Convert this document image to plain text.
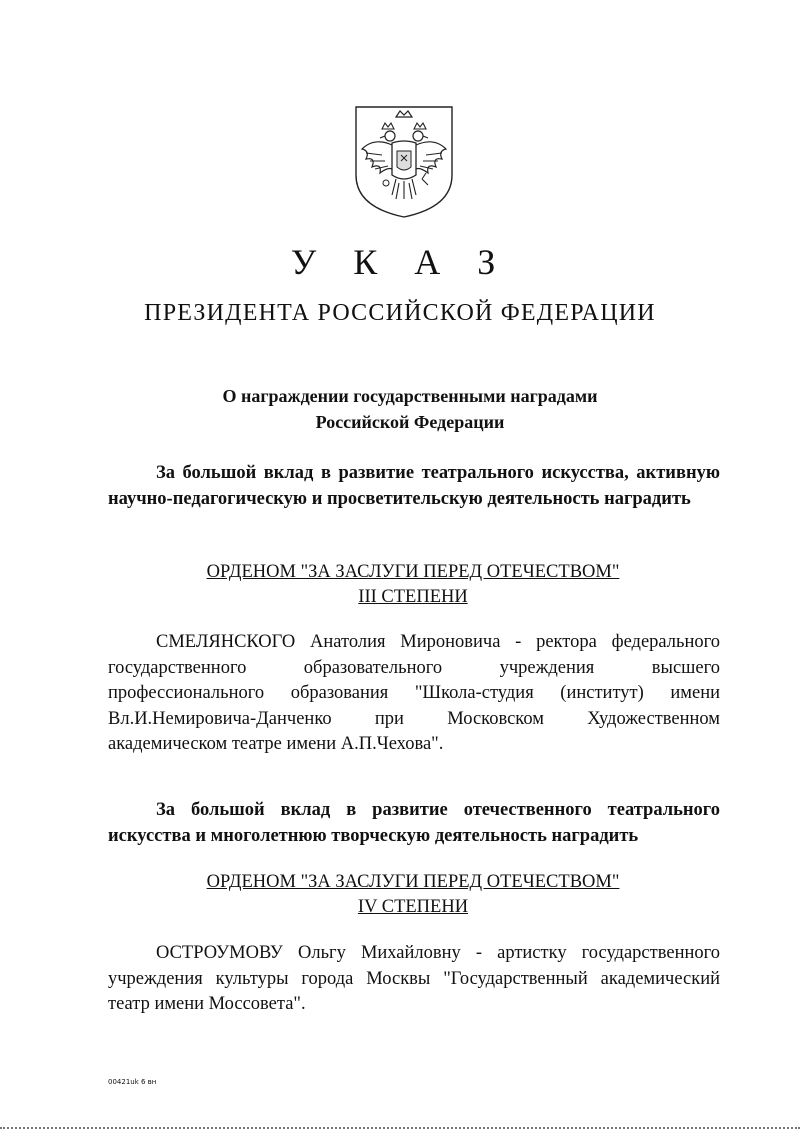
У К А З
ПРЕЗИДЕНТА РОССИЙСКОЙ ФЕДЕРАЦИИ
О награждении государственными наградами
Российской Федерации
За большой вклад в развитие театрального искусства, активную научно-педагогическую и просветительскую деятельность наградить
ОРДЕНОМ "ЗА ЗАСЛУГИ ПЕРЕД ОТЕЧЕСТВОМ"
III СТЕПЕНИ
СМЕЛЯНСКОГО Анатолия Мироновича - ректора федерального государственного образовательного учреждения высшего профессионального образования "Школа-студия (институт) имени Вл.И.Немировича-Данченко при Московском Художественном академическом театре имени А.П.Чехова".
За большой вклад в развитие отечественного театрального искусства и многолетнюю творческую деятельность наградить
ОРДЕНОМ "ЗА ЗАСЛУГИ ПЕРЕД ОТЕЧЕСТВОМ"
IV СТЕПЕНИ
ОСТРОУМОВУ Ольгу Михайловну - артистку государственного учреждения культуры города Москвы "Государственный академический театр имени Моссовета".
00421uk 6 вн
